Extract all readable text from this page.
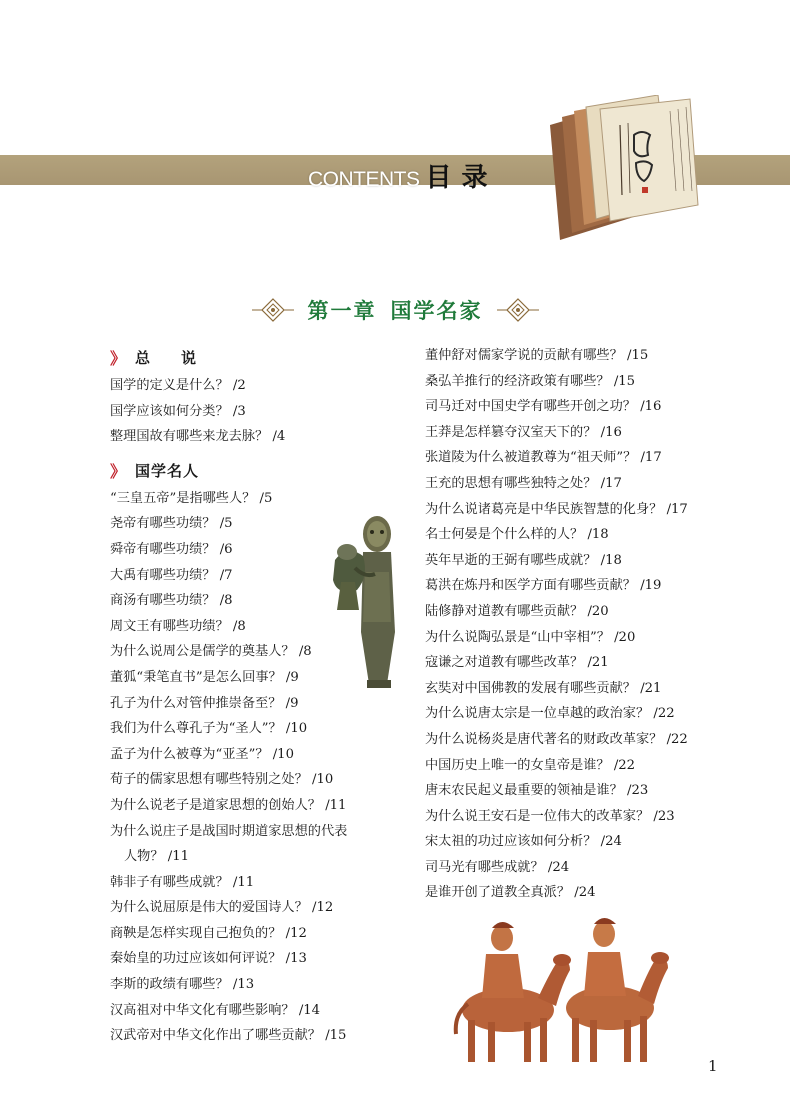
CONTENTS 目录
第一章 国学名家
》 总　说
国学的定义是什么？ /2
国学应该如何分类？ /3
整理国故有哪些来龙去脉？ /4
》 国学名人
“三皇五帝”是指哪些人？ /5
尧帝有哪些功绩？ /5
舜帝有哪些功绩？ /6
大禹有哪些功绩？ /7
商汤有哪些功绩？ /8
周文王有哪些功绩？ /8
为什么说周公是儒学的奠基人？ /8
董狐“秉笔直书”是怎么回事？ /9
孔子为什么对管仲推崇备至？ /9
我们为什么尊孔子为“圣人”？ /10
孟子为什么被尊为“亚圣”？ /10
荀子的儒家思想有哪些特别之处？ /10
为什么说老子是道家思想的创始人？ /11
为什么说庄子是战国时期道家思想的代表
人物？ /11
韩非子有哪些成就？ /11
为什么说屈原是伟大的爱国诗人？ /12
商鞅是怎样实现自己抱负的？ /12
秦始皇的功过应该如何评说？ /13
李斯的政绩有哪些？ /13
汉高祖对中华文化有哪些影响？ /14
汉武帝对中华文化作出了哪些贡献？ /15
董仲舒对儒家学说的贡献有哪些？ /15
桑弘羊推行的经济政策有哪些？ /15
司马迁对中国史学有哪些开创之功？ /16
王莽是怎样篡夺汉室天下的？ /16
张道陵为什么被道教尊为“祖天师”？ /17
王充的思想有哪些独特之处？ /17
为什么说诸葛亮是中华民族智慧的化身？ /17
名士何晏是个什么样的人？ /18
英年早逝的王弼有哪些成就？ /18
葛洪在炼丹和医学方面有哪些贡献？ /19
陆修静对道教有哪些贡献？ /20
为什么说陶弘景是“山中宰相”？ /20
寇谦之对道教有哪些改革？ /21
玄奘对中国佛教的发展有哪些贡献？ /21
为什么说唐太宗是一位卓越的政治家？ /22
为什么说杨炎是唐代著名的财政改革家？ /22
中国历史上唯一的女皇帝是谁？ /22
唐末农民起义最重要的领袖是谁？ /23
为什么说王安石是一位伟大的改革家？ /23
宋太祖的功过应该如何分析？ /24
司马光有哪些成就？ /24
是谁开创了道教全真派？ /24
1
